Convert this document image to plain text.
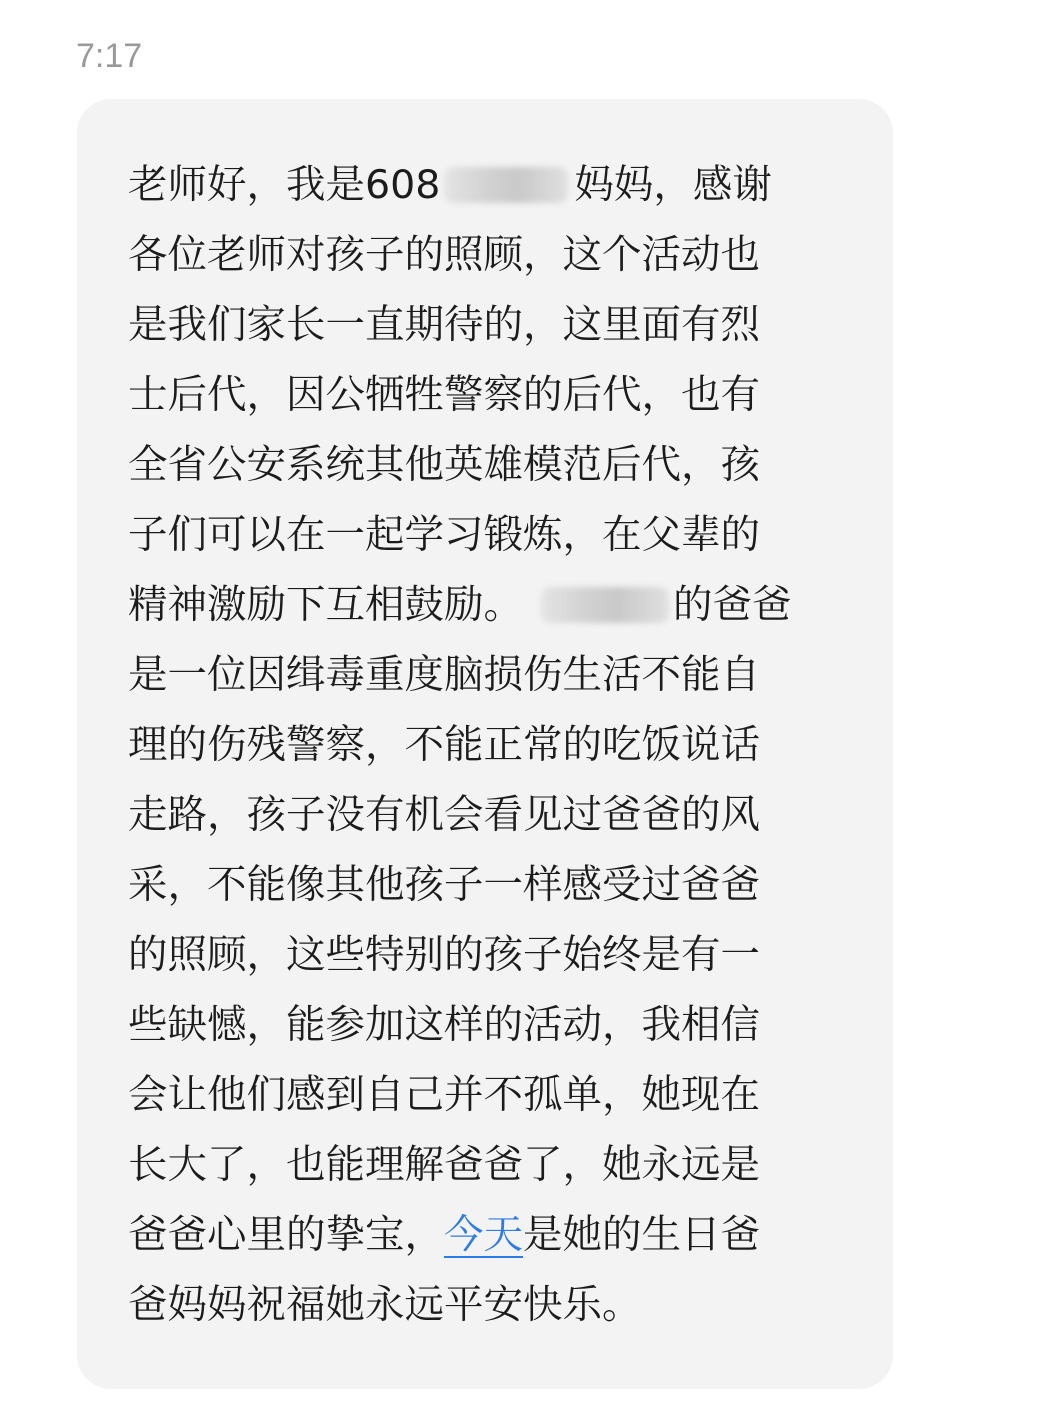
7:17
老师好，我是608	妈妈，感谢
各位老师对孩子的照顾，这个活动也
是我们家长一直期待的，这里面有烈
士后代，因公牺牲警察的后代，也有
全省公安系统其他英雄模范后代，孩
子们可以在一起学习锻炼，在父辈的
精神激励下互相鼓励。	的爸爸
是一位因缉毒重度脑损伤生活不能自
理的伤残警察，不能正常的吃饭说话
走路，孩子没有机会看见过爸爸的风
采，不能像其他孩子一样感受过爸爸
的照顾，这些特别的孩子始终是有一
些缺憾，能参加这样的活动，我相信
会让他们感到自己并不孤单，她现在
长大了，也能理解爸爸了，她永远是
爸爸心里的挚宝，今天是她的生日爸
爸妈妈祝福她永远平安快乐。
